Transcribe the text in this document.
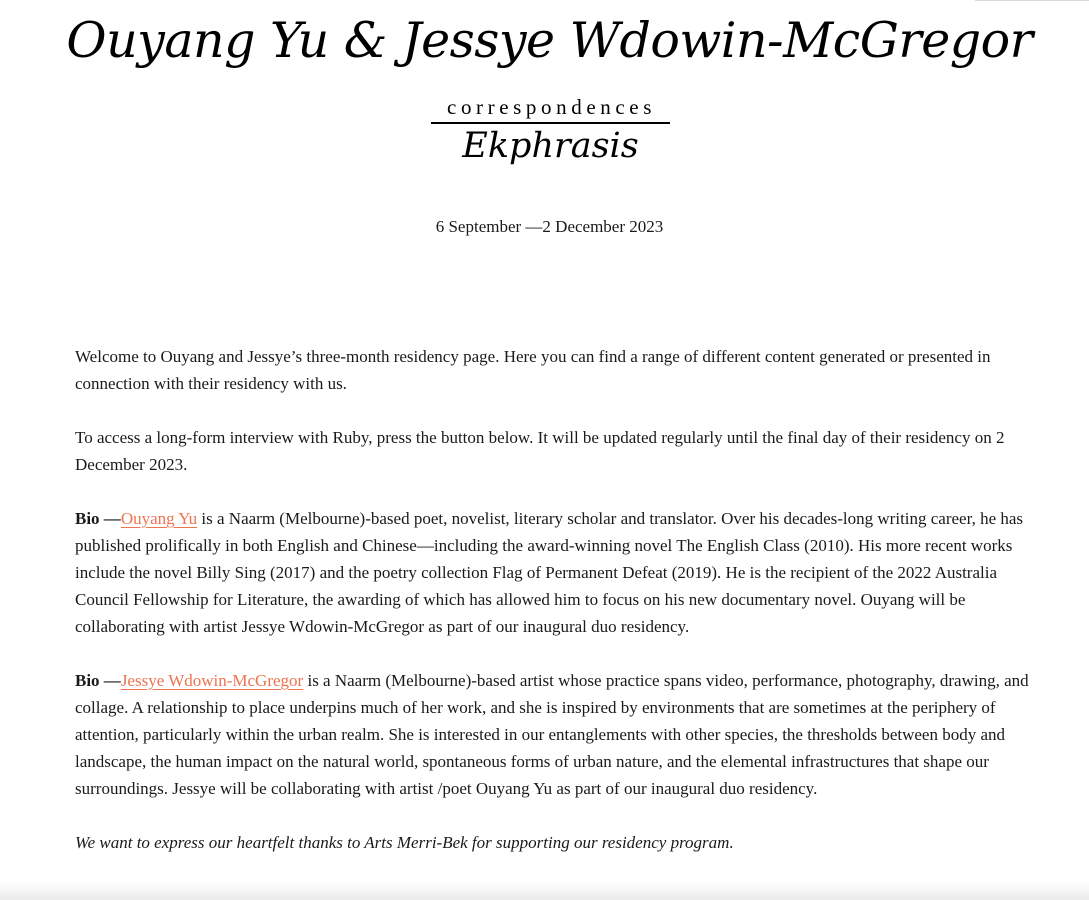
Ouyang Yu & Jessye Wdowin-McGregor
correspondences
Ekphrasis
6 September —2 December 2023

Welcome to Ouyang and Jessye’s three-month residency page. Here you can find a range of different content generated or presented in connection with their residency with us.

To access a long-form interview with Ruby, press the button below. It will be updated regularly until the final day of their residency on 2 December 2023.

Bio —Ouyang Yu is a Naarm (Melbourne)-based poet, novelist, literary scholar and translator. Over his decades-long writing career, he has published prolifically in both English and Chinese—including the award-winning novel The English Class (2010). His more recent works include the novel Billy Sing (2017) and the poetry collection Flag of Permanent Defeat (2019). He is the recipient of the 2022 Australia Council Fellowship for Literature, the awarding of which has allowed him to focus on his new documentary novel. Ouyang will be collaborating with artist Jessye Wdowin-McGregor as part of our inaugural duo residency.

Bio —Jessye Wdowin-McGregor is a Naarm (Melbourne)-based artist whose practice spans video, performance, photography, drawing, and collage. A relationship to place underpins much of her work, and she is inspired by environments that are sometimes at the periphery of attention, particularly within the urban realm. She is interested in our entanglements with other species, the thresholds between body and landscape, the human impact on the natural world, spontaneous forms of urban nature, and the elemental infrastructures that shape our surroundings. Jessye will be collaborating with artist /poet Ouyang Yu as part of our inaugural duo residency.

We want to express our heartfelt thanks to Arts Merri-Bek for supporting our residency program.
